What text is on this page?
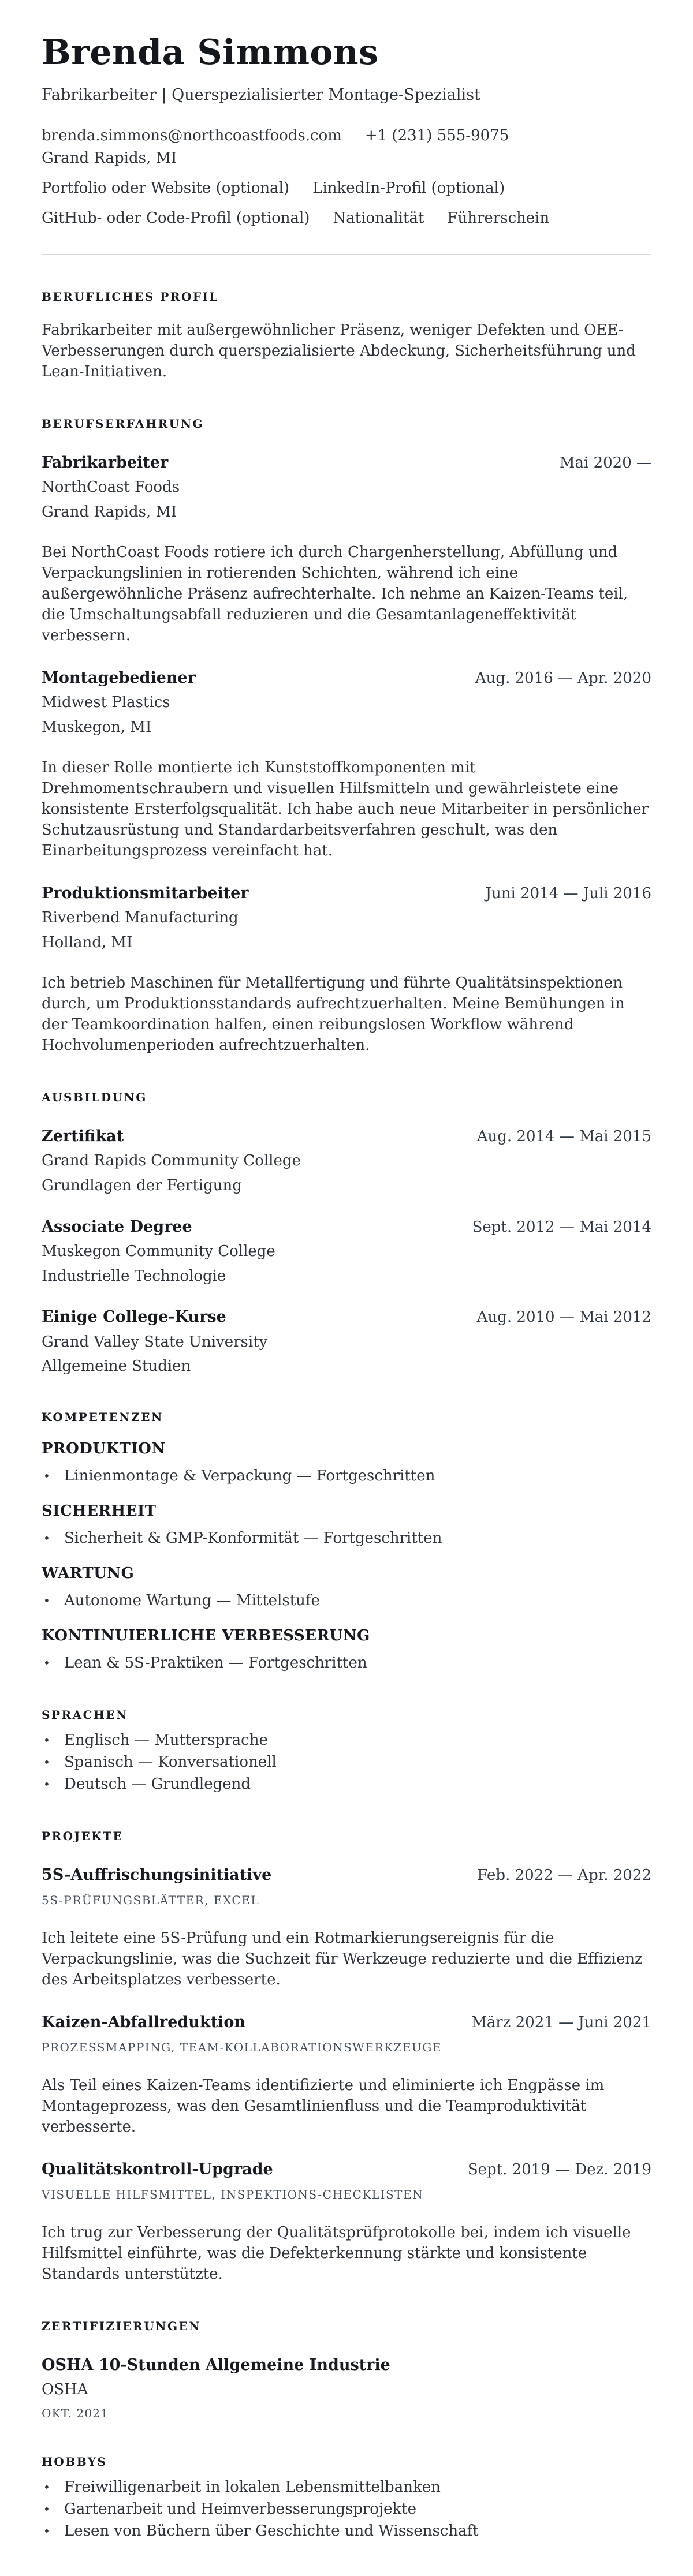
Brenda Simmons

Fabrikarbeiter | Querspezialisierter Montage-Spezialist

brenda.simmons@northcoastfoods.com +1 (231) 555-9075
Grand Rapids, MI
Portfolio oder Website (optional) LinkedIn-Profil (optional)
GitHub- oder Code-Profil (optional) Nationalität Führerschein
BERUFLICHES PROFIL

Fabrikarbeiter mit außergewöhnlicher Präsenz, weniger Defekten und OEE-Verbesserungen durch querspezialisierte Abdeckung, Sicherheitsführung und Lean-Initiativen.

BERUFSERFAHRUNG
Fabrikarbeiter	Mai 2020 —

NorthCoast Foods

Grand Rapids, MI

Bei NorthCoast Foods rotiere ich durch Chargenherstellung, Abfüllung und Verpackungslinien in rotierenden Schichten, während ich eine außergewöhnliche Präsenz aufrechterhalte. Ich nehme an Kaizen-Teams teil, die Umschaltungsabfall reduzieren und die Gesamtanlageneffektivität verbessern.

Montagebediener	Aug. 2016 — Apr. 2020

Midwest Plastics

Muskegon, MI

In dieser Rolle montierte ich Kunststoffkomponenten mit Drehmomentschraubern und visuellen Hilfsmitteln und gewährleistete eine konsistente Ersterfolgsqualität. Ich habe auch neue Mitarbeiter in persönlicher Schutzausrüstung und Standardarbeitsverfahren geschult, was den Einarbeitungsprozess vereinfacht hat.

Produktionsmitarbeiter	Juni 2014 — Juli 2016

Riverbend Manufacturing

Holland, MI

Ich betrieb Maschinen für Metallfertigung und führte Qualitätsinspektionen durch, um Produktionsstandards aufrechtzuerhalten. Meine Bemühungen in der Teamkoordination halfen, einen reibungslosen Workflow während Hochvolumenperioden aufrechtzuerhalten.

AUSBILDUNG
Zertifikat	Aug. 2014 — Mai 2015

Grand Rapids Community College

Grundlagen der Fertigung

Associate Degree	Sept. 2012 — Mai 2014

Muskegon Community College

Industrielle Technologie

Einige College-Kurse	Aug. 2010 — Mai 2012

Grand Valley State University

Allgemeine Studien

KOMPETENZEN
PRODUKTION
• Linienmontage & Verpackung — Fortgeschritten
SICHERHEIT
• Sicherheit & GMP-Konformität — Fortgeschritten
WARTUNG
• Autonome Wartung — Mittelstufe
KONTINUIERLICHE VERBESSERUNG
• Lean & 5S-Praktiken — Fortgeschritten
SPRACHEN
• Englisch — Muttersprache
• Spanisch — Konversationell
• Deutsch — Grundlegend
PROJEKTE
5S-Auffrischungsinitiative	Feb. 2022 — Apr. 2022

5S-PRÜFUNGSBLÄTTER, EXCEL

Ich leitete eine 5S-Prüfung und ein Rotmarkierungsereignis für die Verpackungslinie, was die Suchzeit für Werkzeuge reduzierte und die Effizienz des Arbeitsplatzes verbesserte.

Kaizen-Abfallreduktion	März 2021 — Juni 2021

PROZESSMAPPING, TEAM-KOLLABORATIONSWERKZEUGE

Als Teil eines Kaizen-Teams identifizierte und eliminierte ich Engpässe im Montageprozess, was den Gesamtlinienfluss und die Teamproduktivität verbesserte.

Qualitätskontroll-Upgrade	Sept. 2019 — Dez. 2019

VISUELLE HILFSMITTEL, INSPEKTIONS-CHECKLISTEN

Ich trug zur Verbesserung der Qualitätsprüfprotokolle bei, indem ich visuelle Hilfsmittel einführte, was die Defekterkennung stärkte und konsistente Standards unterstützte.

ZERTIFIZIERUNGEN
OSHA 10-Stunden Allgemeine Industrie

OSHA

OKT. 2021

HOBBYS
• Freiwilligenarbeit in lokalen Lebensmittelbanken
• Gartenarbeit und Heimverbesserungsprojekte
• Lesen von Büchern über Geschichte und Wissenschaft
